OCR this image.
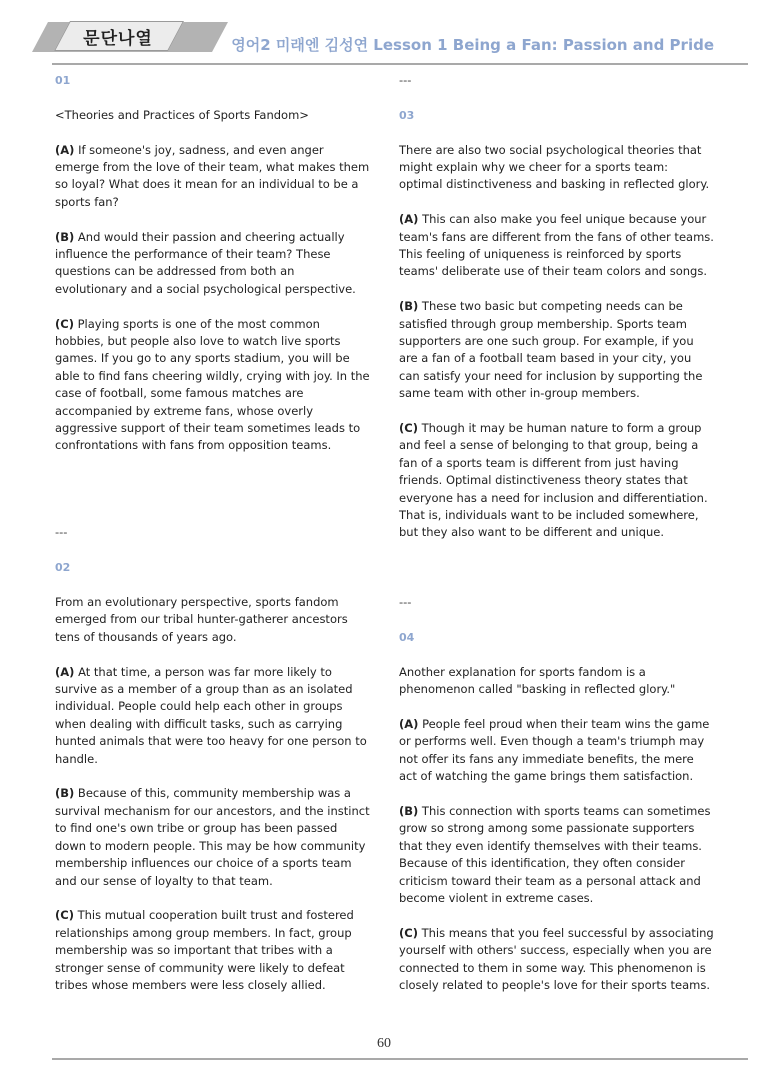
문단나열	영어2 미래엔 김성연 Lesson 1 Being a Fan: Passion and Pride
01

<Theories and Practices of Sports Fandom>

(A) If someone's joy, sadness, and even anger emerge from the love of their team, what makes them so loyal? What does it mean for an individual to be a sports fan?

(B) And would their passion and cheering actually influence the performance of their team? These questions can be addressed from both an evolutionary and a social psychological perspective.

(C) Playing sports is one of the most common hobbies, but people also love to watch live sports games. If you go to any sports stadium, you will be able to find fans cheering wildly, crying with joy. In the case of football, some famous matches are accompanied by extreme fans, whose overly aggressive support of their team sometimes leads to confrontations with fans from opposition teams.

---
02

From an evolutionary perspective, sports fandom emerged from our tribal hunter-gatherer ancestors tens of thousands of years ago.

(A) At that time, a person was far more likely to survive as a member of a group than as an isolated individual. People could help each other in groups when dealing with difficult tasks, such as carrying hunted animals that were too heavy for one person to handle.

(B) Because of this, community membership was a survival mechanism for our ancestors, and the instinct to find one's own tribe or group has been passed down to modern people. This may be how community membership influences our choice of a sports team and our sense of loyalty to that team.

(C) This mutual cooperation built trust and fostered relationships among group members. In fact, group membership was so important that tribes with a stronger sense of community were likely to defeat tribes whose members were less closely allied.

---
03

There are also two social psychological theories that might explain why we cheer for a sports team: optimal distinctiveness and basking in reflected glory.

(A) This can also make you feel unique because your team's fans are different from the fans of other teams. This feeling of uniqueness is reinforced by sports teams' deliberate use of their team colors and songs.

(B) These two basic but competing needs can be satisfied through group membership. Sports team supporters are one such group. For example, if you are a fan of a football team based in your city, you can satisfy your need for inclusion by supporting the same team with other in-group members.

(C) Though it may be human nature to form a group and feel a sense of belonging to that group, being a fan of a sports team is different from just having friends. Optimal distinctiveness theory states that everyone has a need for inclusion and differentiation. That is, individuals want to be included somewhere, but they also want to be different and unique.

---
04

Another explanation for sports fandom is a phenomenon called "basking in reflected glory."

(A) People feel proud when their team wins the game or performs well. Even though a team's triumph may not offer its fans any immediate benefits, the mere act of watching the game brings them satisfaction.

(B) This connection with sports teams can sometimes grow so strong among some passionate supporters that they even identify themselves with their teams. Because of this identification, they often consider criticism toward their team as a personal attack and become violent in extreme cases.

(C) This means that you feel successful by associating yourself with others' success, especially when you are connected to them in some way. This phenomenon is closely related to people's love for their sports teams.

60
